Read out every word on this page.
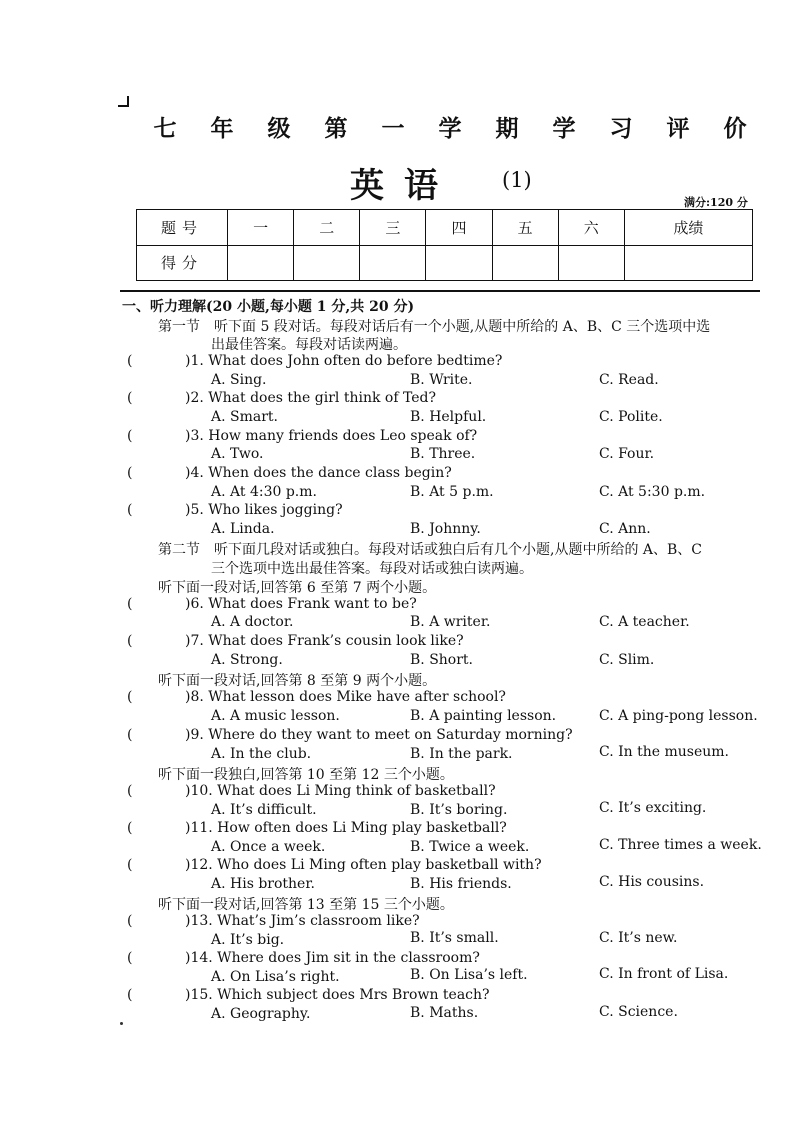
七 年 级 第 一 学 期 学 习 评 价
英语 (1)
满分:120 分
题号	一	二	三	四	五	六	成绩
得分							
一、听力理解(20 小题,每小题 1 分,共 20 分)
第一节　听下面 5 段对话。每段对话后有一个小题,从题中所给的 A、B、C 三个选项中选
出最佳答案。每段对话读两遍。
(	)1. What does John often do before bedtime?
A. Sing.	B. Write.	C. Read.
(	)2. What does the girl think of Ted?
A. Smart.	B. Helpful.	C. Polite.
(	)3. How many friends does Leo speak of?
A. Two.	B. Three.	C. Four.
(	)4. When does the dance class begin?
A. At 4:30 p.m.	B. At 5 p.m.	C. At 5:30 p.m.
(	)5. Who likes jogging?
A. Linda.	B. Johnny.	C. Ann.
第二节　听下面几段对话或独白。每段对话或独白后有几个小题,从题中所给的 A、B、C
三个选项中选出最佳答案。每段对话或独白读两遍。
听下面一段对话,回答第 6 至第 7 两个小题。
(	)6. What does Frank want to be?
A. A doctor.	B. A writer.	C. A teacher.
(	)7. What does Frank’s cousin look like?
A. Strong.	B. Short.	C. Slim.
听下面一段对话,回答第 8 至第 9 两个小题。
(	)8. What lesson does Mike have after school?
A. A music lesson.	B. A painting lesson.	C. A ping-pong lesson.
(	)9. Where do they want to meet on Saturday morning?
A. In the club.	B. In the park.	C. In the museum.
听下面一段独白,回答第 10 至第 12 三个小题。
(	)10. What does Li Ming think of basketball?
A. It’s difficult.	B. It’s boring.	C. It’s exciting.
(	)11. How often does Li Ming play basketball?
A. Once a week.	B. Twice a week.	C. Three times a week.
(	)12. Who does Li Ming often play basketball with?
A. His brother.	B. His friends.	C. His cousins.
听下面一段对话,回答第 13 至第 15 三个小题。
(	)13. What’s Jim’s classroom like?
A. It’s big.	B. It’s small.	C. It’s new.
(	)14. Where does Jim sit in the classroom?
A. On Lisa’s right.	B. On Lisa’s left.	C. In front of Lisa.
(	)15. Which subject does Mrs Brown teach?
A. Geography.	B. Maths.	C. Science.
